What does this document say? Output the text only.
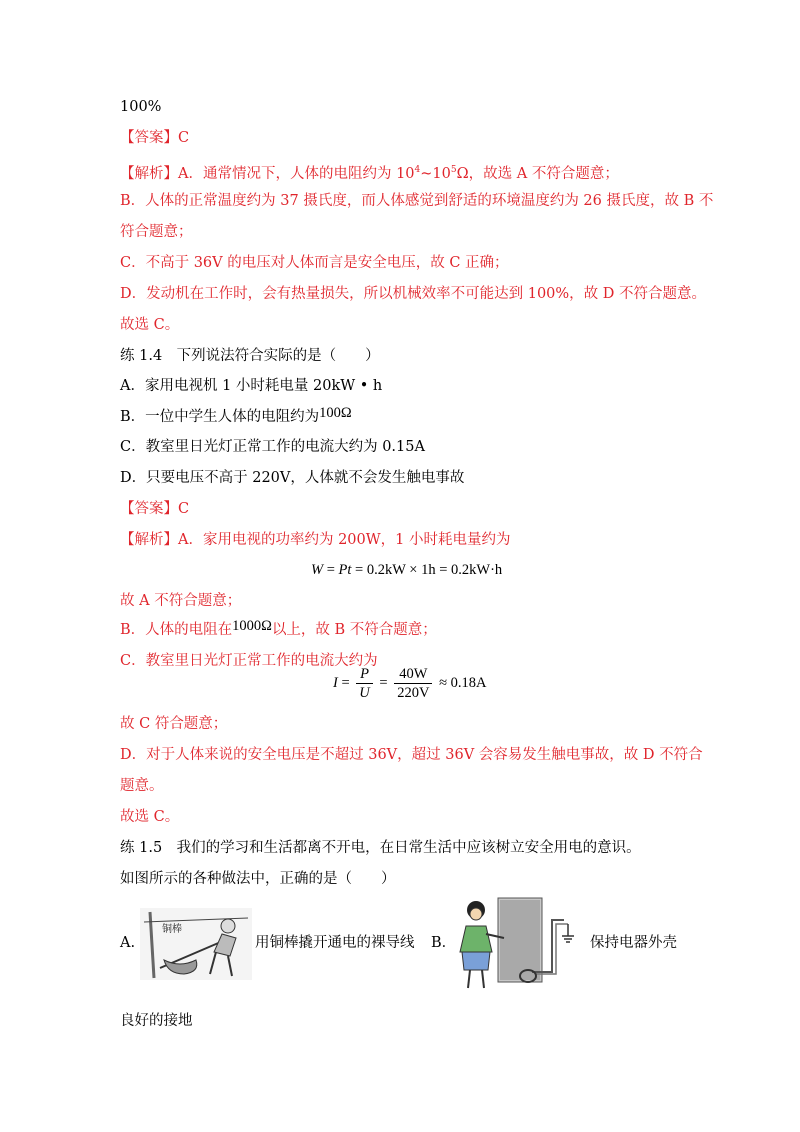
100%
【答案】C
【解析】A．通常情况下，人体的电阻约为 $10^4\sim 10^5\Omega$，故选 A 不符合题意；
B．人体的正常温度约为 37 摄氏度，而人体感觉到舒适的环境温度约为 26 摄氏度，故 B 不
符合题意；
C．不高于 36V 的电压对人体而言是安全电压，故 C 正确；
D．发动机在工作时，会有热量损失，所以机械效率不可能达到 100%，故 D 不符合题意。
故选 C。
练 1.4　下列说法符合实际的是（　　）
A．家用电视机 1 小时耗电量 20kW • h
B．一位中学生人体的电阻约为100Ω
C．教室里日光灯正常工作的电流大约为 0.15A
D．只要电压不高于 220V，人体就不会发生触电事故
【答案】C
【解析】A．家用电视的功率约为 200W，1 小时耗电量约为
W = Pt = 0.2kW × 1h = 0.2kW·h
故 A 不符合题意；
B．人体的电阻在1000Ω以上，故 B 不符合题意；
C．教室里日光灯正常工作的电流大约为
$I = \frac{P}{U} = \frac{40W}{220V} \approx 0.18A$
故 C 符合题意；
D．对于人体来说的安全电压是不超过 36V，超过 36V 会容易发生触电事故，故 D 不符合
题意。
故选 C。
练 1.5　我们的学习和生活都离不开电，在日常生活中应该树立安全用电的意识。
如图所示的各种做法中，正确的是（　　）
A.
铜棒
用铜棒撬开通电的裸导线 B．	保持电器外壳
良好的接地
